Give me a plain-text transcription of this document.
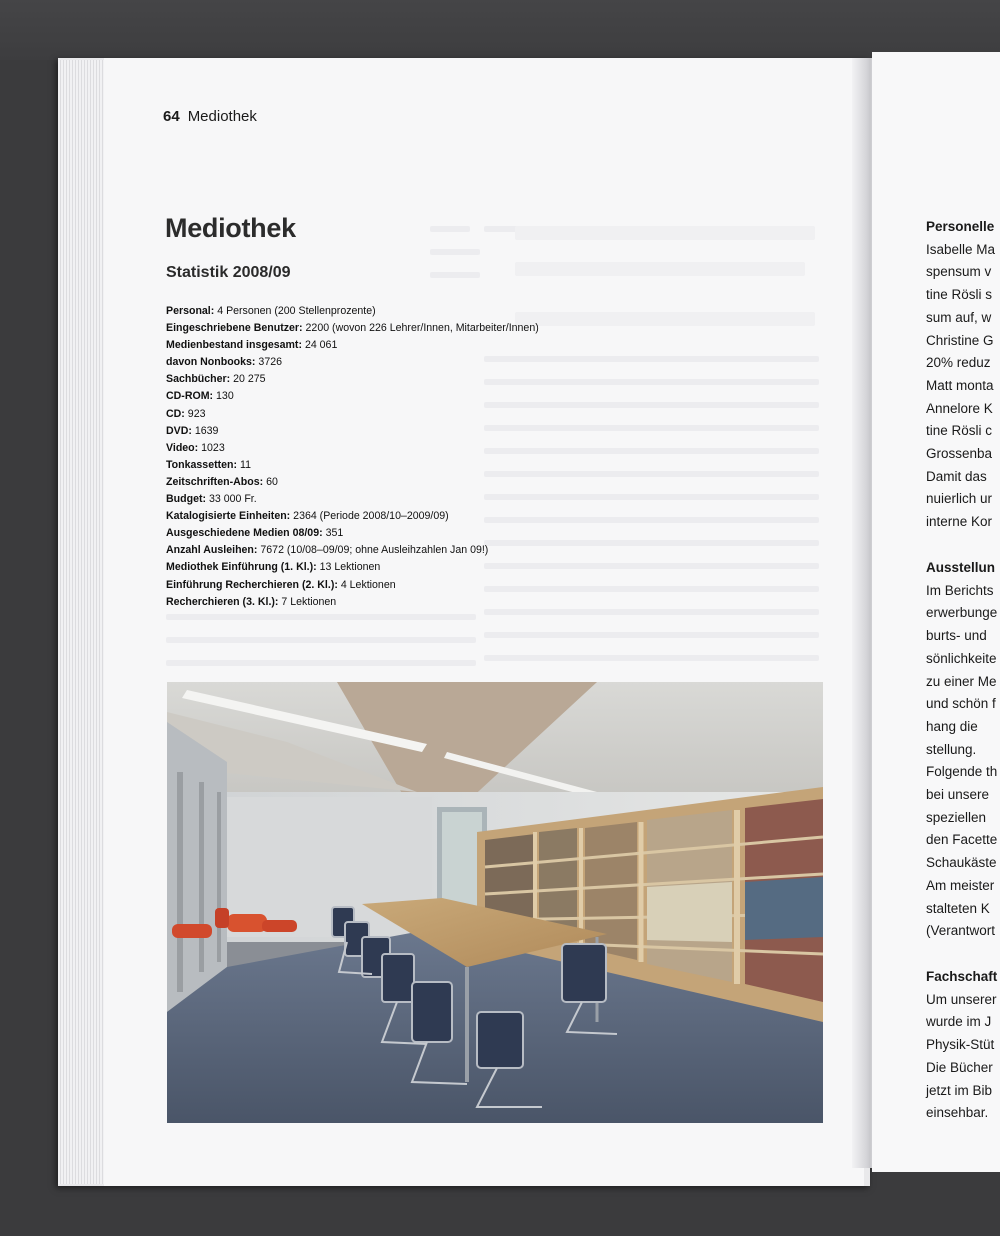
64 Mediothek
Mediothek
Statistik 2008/09
Personal: 4 Personen (200 Stellenprozente)
Eingeschriebene Benutzer: 2200 (wovon 226 Lehrer/Innen, Mitarbeiter/Innen)
Medienbestand insgesamt: 24 061
davon Nonbooks: 3726
Sachbücher: 20 275
CD-ROM: 130
CD: 923
DVD: 1639
Video: 1023
Tonkassetten: 11
Zeitschriften-Abos: 60
Budget: 33 000 Fr.
Katalogisierte Einheiten: 2364 (Periode 2008/10–2009/09)
Ausgeschiedene Medien 08/09: 351
Anzahl Ausleihen: 7672 (10/08–09/09; ohne Ausleihzahlen Jan 09!)
Mediothek Einführung (1. Kl.): 13 Lektionen
Einführung Recherchieren (2. Kl.): 4 Lektionen
Recherchieren (3. Kl.): 7 Lektionen
Personelle
Isabelle Ma
spensum v
tine Rösli s
sum auf, w
Christine G
20% reduz
Matt monta
Annelore K
tine Rösli c
Grossenba
Damit das
nuierlich ur
interne Kor
Ausstellun
Im Berichts
erwerbunge
burts- und
sönlichkeite
zu einer Me
und schön f
hang die
stellung.
Folgende th
bei unsere
speziellen
den Facette
Schaukäste
Am meister
stalteten K
(Verantwort
Fachschaft
Um unserer
wurde im J
Physik-Stüt
Die Bücher
jetzt im Bib
einsehbar.
